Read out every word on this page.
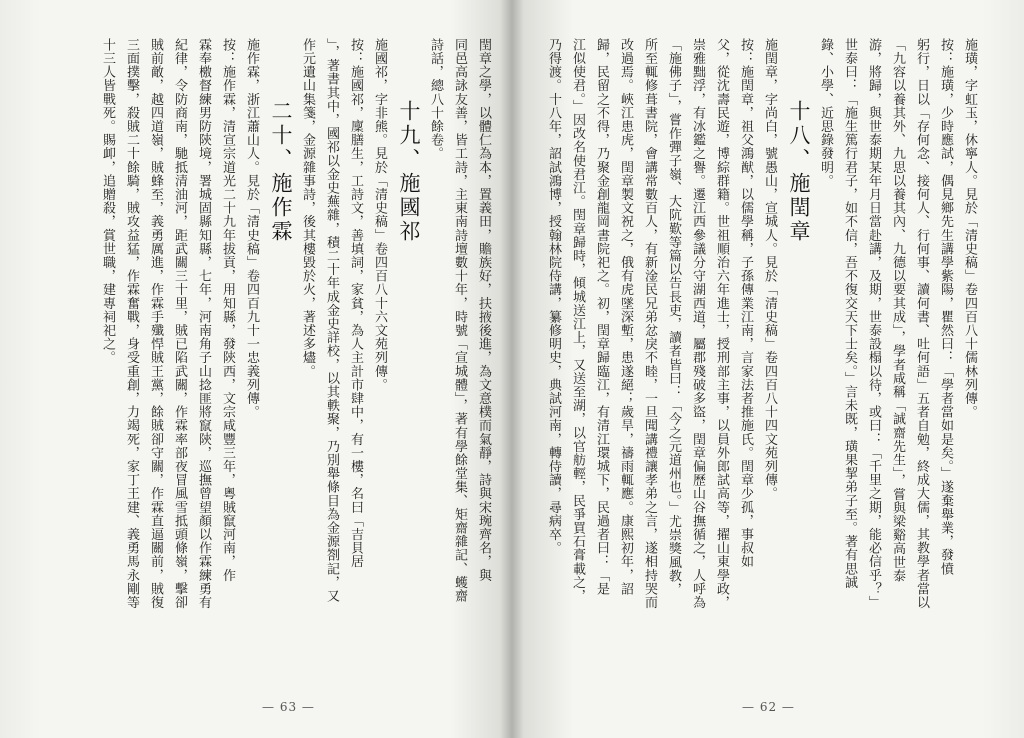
施璜，字虹玉，休寧人。見於「清史稿」卷四百八十儒林列傳。
按：施璜，少時應試，偶見鄉先生講學紫陽，瞿然曰：「學者當如是矣。」遂棄舉業，發憤
躬行，日以「存何念、接何人、行何事、讀何書、吐何語」五者自勉，終成大儒，其教學者當以
「九容以養其外、九思以養其內、九德以要其成」，學者咸稱「誠齋先生」，嘗與梁谿高世泰
游，將歸，與世泰期某年月日當赴講，及期，世泰設榻以待，或曰：「千里之期，能必信乎？」
世泰曰：「施生篤行君子，如不信，吾不復交天下士矣。」言未既，璜果挈弟子至。著有思誠
錄、小學、近思錄發明。
十八、施閏章
施閏章，字尚白，號愚山，宣城人。見於「清史稿」卷四百八十四文苑列傳。
按：施閏章，祖父鴻猷，以儒學稱，子孫傳業江南，言家法者推施氏。閏章少孤，事叔如
父，從沈壽民遊，博綜群籍。世祖順治六年進士，授刑部主事，以員外郎試高等，擢山東學政，
崇雅黜浮，有冰鑑之譽。遷江西參議分守湖西道，屬郡殘破多盜，閏章偏歷山谷撫循之，人呼為
「施佛子」，嘗作彈子嶺、大阬歎等篇以告長吏，讀者皆曰：「今之元道州也。」尤崇獎風教，
所至輒修葺書院，會講常數百人，有新淦民兄弟忿戾不睦，一旦聞講禮讓孝弟之言，遂相持哭而
改過焉。峽江患虎，閏章製文祝之，俄有虎墜深塹，患遂絕；歲旱，禱雨輒應。康熙初年，詔
歸，民留之不得，乃聚金創龍岡書院祀之。初，閏章歸臨江，有清江環城下，民過者曰：「是
江似使君。」因改名使君江。閏章歸時，傾城送江上，又送至湖，以官舫輕，民爭買石膏載之，
乃得渡。十八年，詔試鴻博，授翰林院侍講，纂修明史，典試河南，轉侍讀，尋病卒。
— 62 —
閏章之學，以體仁為本，置義田，贍族好，扶掖後進，為文意樸而氣靜，詩與宋琬齊名，與
同邑高詠友善，皆工詩，主東南詩壇數十年，時號「宣城體」，著有學餘堂集、矩齋雜記、蠖齋
詩話，總八十餘卷。
十九、施國祁
施國祁，字非熊。見於「清史稿」卷四百八十六文苑列傳。
按：施國祁，廩膳生，工詩文，善填詞，家貧，為人主計市肆中，有一樓，名曰「吉貝居
」，著書其中，國祁以金史蕪雜，積二十年成金史詳校，以其軼聚，乃別舉條目為金源劄記，又
作元遺山集箋，金源雜事詩，後其樓毀於火，著述多燼。
二十、施作霖
施作霖，浙江蕭山人。見於「清史稿」卷四百九十一忠義列傳。
按：施作霖，清宣宗道光二十九年拔貢，用知縣，發陝西，文宗咸豐三年，粵賊竄河南，作
霖奉檄督練男防陝境，署城固縣知縣，七年，河南角子山捻匪將竄陝，巡撫曾望顏以作霖練勇有
紀律，令防商南，馳抵清油河，距武關三十里，賊已陷武關，作霖率部夜冒風雪抵頭條嶺，擊卻
賊前敵，越四道嶺，賊蜂至，義勇厲進，作霖手殲悍賊王黨，餘賊卻守關，作霖直逼關前，賊復
三面撲擊，殺賊二十餘騎，賊攻益猛，作霖奮戰，身受重創，力竭死，家丁王建、義勇馬永剛等
十三人皆戰死。賜卹，追贈殺，賞世職，建專祠祀之。
— 63 —
